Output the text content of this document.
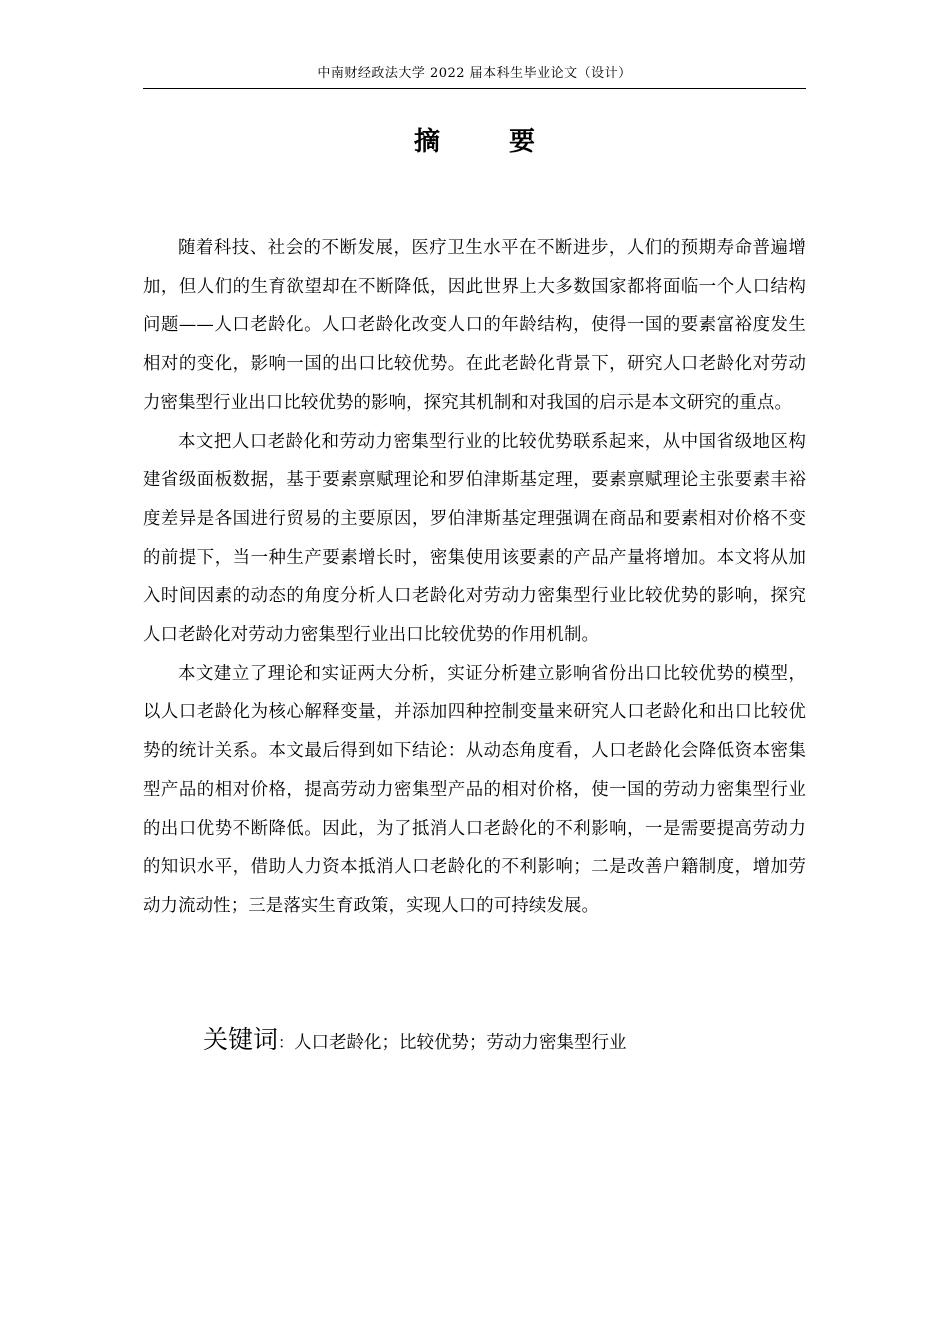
中南财经政法大学 2022 届本科生毕业论文（设计）
摘 要

随着科技、社会的不断发展，医疗卫生水平在不断进步，人们的预期寿命普遍增加，但人们的生育欲望却在不断降低，因此世界上大多数国家都将面临一个人口结构问题——人口老龄化。人口老龄化改变人口的年龄结构，使得一国的要素富裕度发生相对的变化，影响一国的出口比较优势。在此老龄化背景下，研究人口老龄化对劳动力密集型行业出口比较优势的影响，探究其机制和对我国的启示是本文研究的重点。

本文把人口老龄化和劳动力密集型行业的比较优势联系起来，从中国省级地区构建省级面板数据，基于要素禀赋理论和罗伯津斯基定理，要素禀赋理论主张要素丰裕度差异是各国进行贸易的主要原因，罗伯津斯基定理强调在商品和要素相对价格不变的前提下，当一种生产要素增长时，密集使用该要素的产品产量将增加。本文将从加入时间因素的动态的角度分析人口老龄化对劳动力密集型行业比较优势的影响，探究人口老龄化对劳动力密集型行业出口比较优势的作用机制。

本文建立了理论和实证两大分析，实证分析建立影响省份出口比较优势的模型，以人口老龄化为核心解释变量，并添加四种控制变量来研究人口老龄化和出口比较优势的统计关系。本文最后得到如下结论：从动态角度看，人口老龄化会降低资本密集型产品的相对价格，提高劳动力密集型产品的相对价格，使一国的劳动力密集型行业的出口优势不断降低。因此，为了抵消人口老龄化的不利影响，一是需要提高劳动力的知识水平，借助人力资本抵消人口老龄化的不利影响；二是改善户籍制度，增加劳动力流动性；三是落实生育政策，实现人口的可持续发展。

关键词：人口老龄化；比较优势；劳动力密集型行业
